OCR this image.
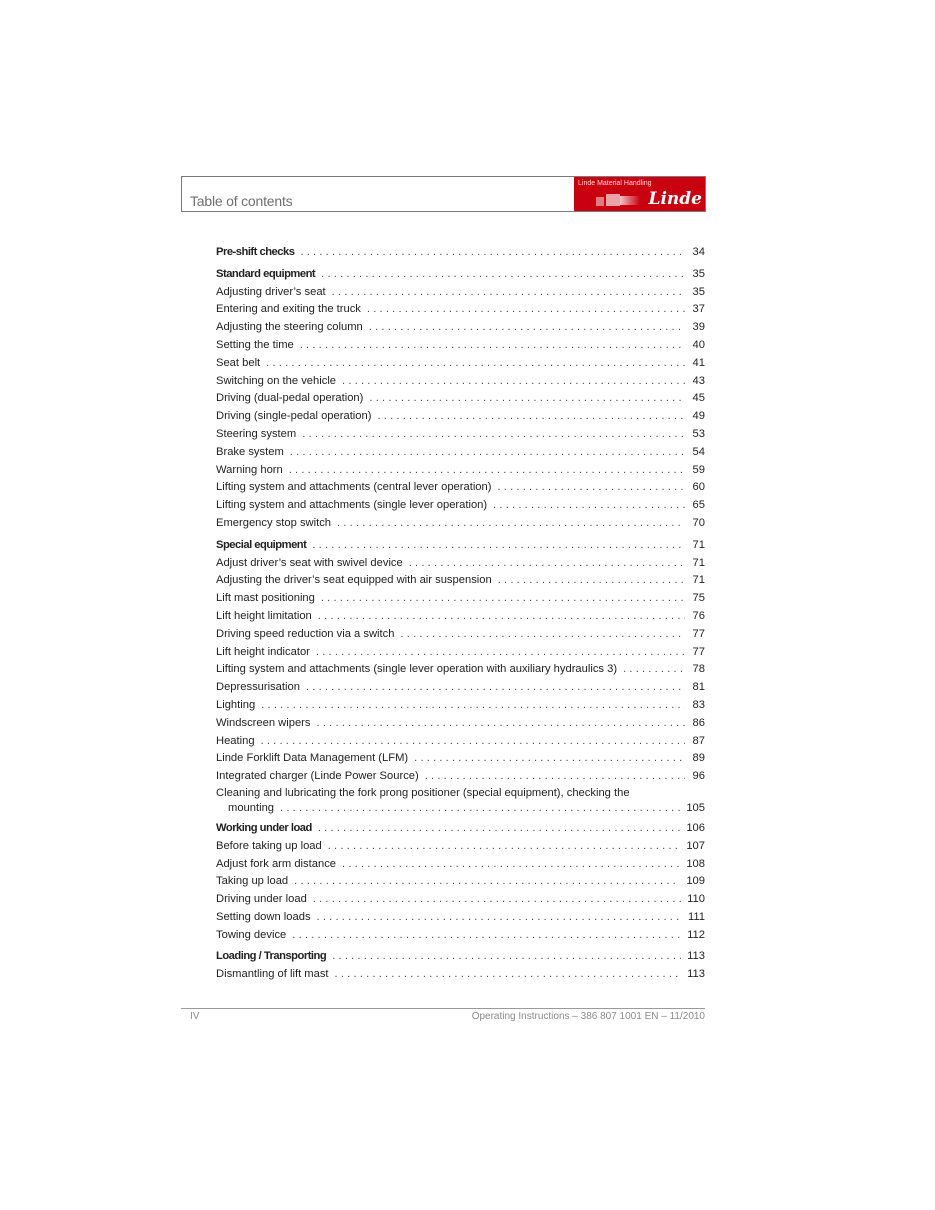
Table of contents
Linde Material Handling
Linde
Pre-shift checks .....	34
Standard equipment .....	35
Adjusting driver’s seat .....	35
Entering and exiting the truck .....	37
Adjusting the steering column .....	39
Setting the time .....	40
Seat belt .....	41
Switching on the vehicle .....	43
Driving (dual-pedal operation) .....	45
Driving (single-pedal operation) .....	49
Steering system .....	53
Brake system .....	54
Warning horn .....	59
Lifting system and attachments (central lever operation) .....	60
Lifting system and attachments (single lever operation) .....	65
Emergency stop switch .....	70
Special equipment .....	71
Adjust driver’s seat with swivel device .....	71
Adjusting the driver’s seat equipped with air suspension .....	71
Lift mast positioning .....	75
Lift height limitation .....	76
Driving speed reduction via a switch .....	77
Lift height indicator .....	77
Lifting system and attachments (single lever operation with auxiliary hydraulics 3) .....	78
Depressurisation .....	81
Lighting .....	83
Windscreen wipers .....	86
Heating .....	87
Linde Forklift Data Management (LFM) .....	89
Integrated charger (Linde Power Source) .....	96
Cleaning and lubricating the fork prong positioner (special equipment), checking the
mounting .....	105
Working under load .....	106
Before taking up load .....	107
Adjust fork arm distance .....	108
Taking up load .....	109
Driving under load .....	110
Setting down loads .....	111
Towing device .....	112
Loading / Transporting .....	113
Dismantling of lift mast .....	113
IV	Operating Instructions – 386 807 1001 EN – 11/2010
